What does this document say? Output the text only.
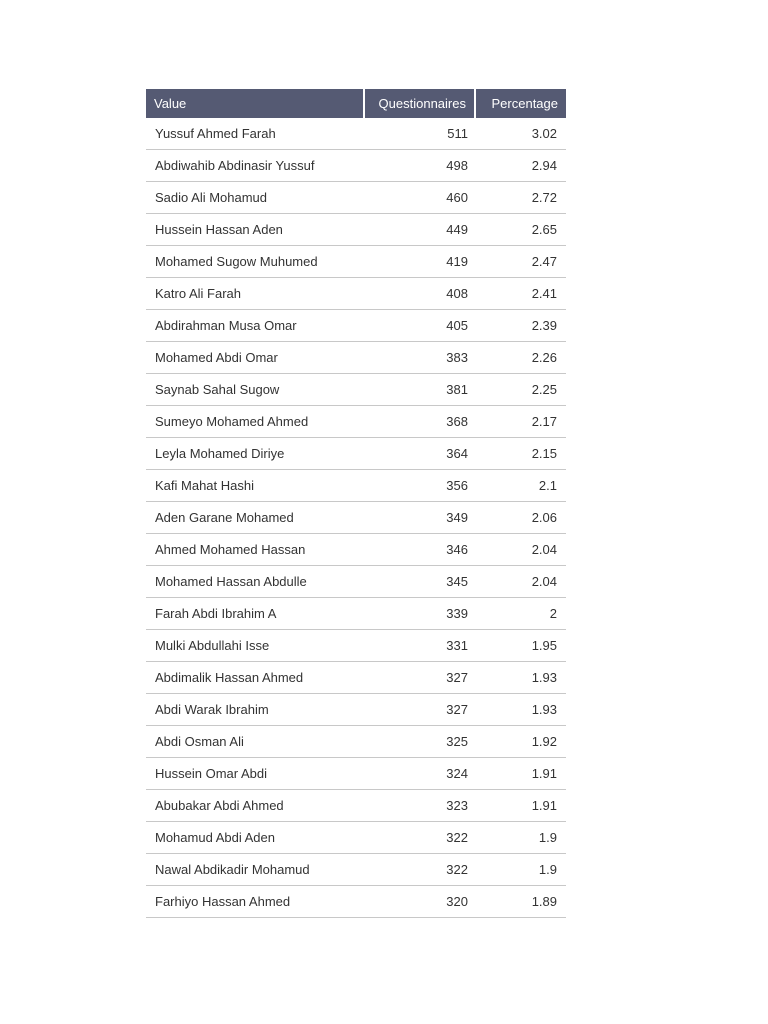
Value	Questionnaires	Percentage
Yussuf Ahmed Farah	511	3.02
Abdiwahib Abdinasir Yussuf	498	2.94
Sadio Ali Mohamud	460	2.72
Hussein Hassan Aden	449	2.65
Mohamed Sugow Muhumed	419	2.47
Katro Ali Farah	408	2.41
Abdirahman Musa Omar	405	2.39
Mohamed Abdi Omar	383	2.26
Saynab Sahal Sugow	381	2.25
Sumeyo Mohamed Ahmed	368	2.17
Leyla Mohamed Diriye	364	2.15
Kafi Mahat Hashi	356	2.1
Aden Garane Mohamed	349	2.06
Ahmed Mohamed Hassan	346	2.04
Mohamed Hassan Abdulle	345	2.04
Farah Abdi Ibrahim A	339	2
Mulki Abdullahi Isse	331	1.95
Abdimalik Hassan Ahmed	327	1.93
Abdi Warak Ibrahim	327	1.93
Abdi Osman Ali	325	1.92
Hussein Omar Abdi	324	1.91
Abubakar Abdi Ahmed	323	1.91
Mohamud Abdi Aden	322	1.9
Nawal Abdikadir Mohamud	322	1.9
Farhiyo Hassan Ahmed	320	1.89
